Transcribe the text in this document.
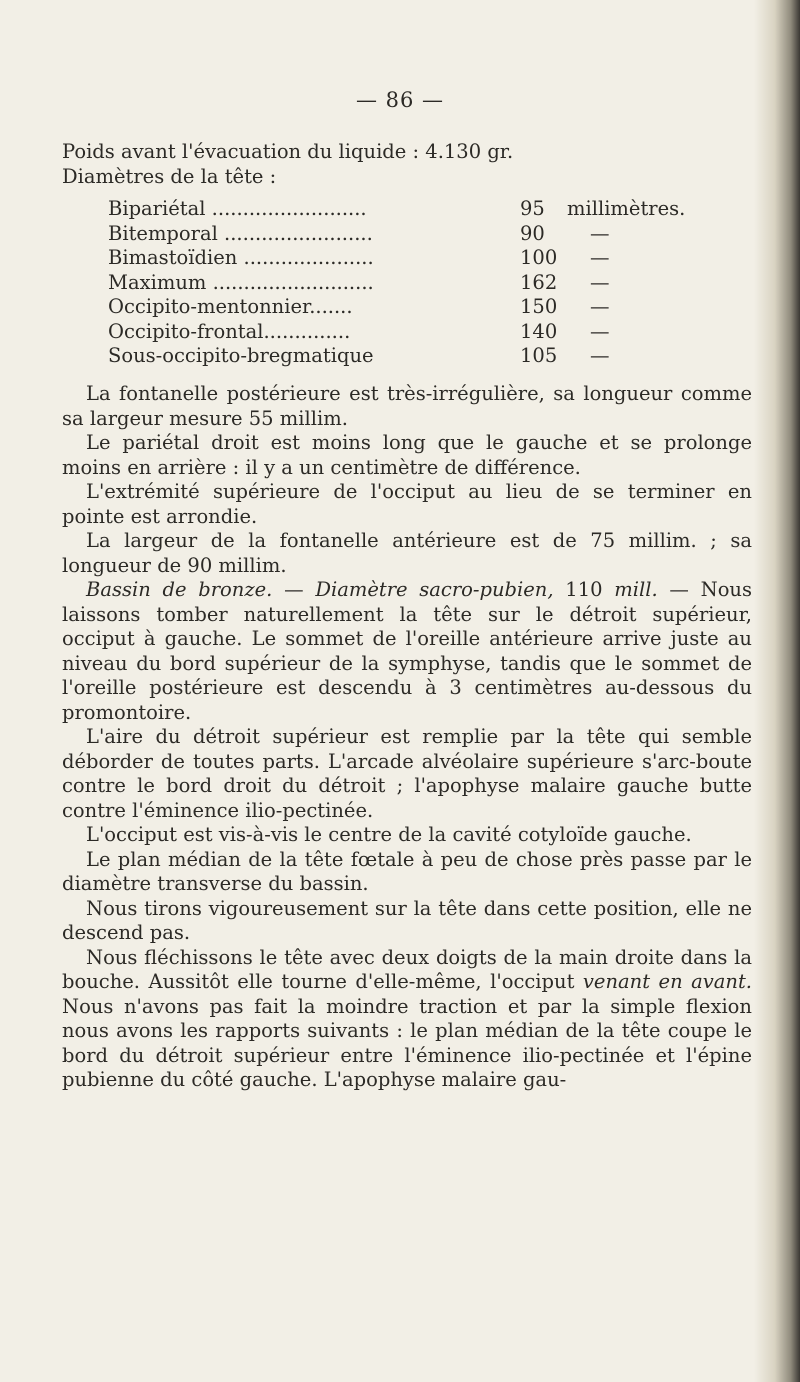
— 86 —
Poids avant l'évacuation du liquide : 4.130 gr.
Diamètres de la tête :
Bipariétal .........................	95 millimètres.
Bitemporal ........................	90 —
Bimastoïdien .....................	100 —
Maximum ..........................	162 —
Occipito-mentonnier.......	150 —
Occipito-frontal..............	140 —
Sous-occipito-bregmatique	105 —

La fontanelle postérieure est très-irrégulière, sa longueur comme sa largeur mesure 55 millim.

Le pariétal droit est moins long que le gauche et se prolonge moins en arrière : il y a un centimètre de différence.

L'extrémité supérieure de l'occiput au lieu de se terminer en pointe est arrondie.

La largeur de la fontanelle antérieure est de 75 millim. ; sa longueur de 90 millim.

Bassin de bronze. — Diamètre sacro-pubien, 110 mill. — Nous laissons tomber naturellement la tête sur le détroit supérieur, occiput à gauche. Le sommet de l'oreille antérieure arrive juste au niveau du bord supérieur de la symphyse, tandis que le sommet de l'oreille postérieure est descendu à 3 centimètres au-dessous du promontoire.

L'aire du détroit supérieur est remplie par la tête qui semble déborder de toutes parts. L'arcade alvéolaire supérieure s'arc-boute contre le bord droit du détroit ; l'apophyse malaire gauche butte contre l'éminence ilio-pectinée.

L'occiput est vis-à-vis le centre de la cavité cotyloïde gauche.

Le plan médian de la tête fœtale à peu de chose près passe par le diamètre transverse du bassin.

Nous tirons vigoureusement sur la tête dans cette position, elle ne descend pas.

Nous fléchissons le tête avec deux doigts de la main droite dans la bouche. Aussitôt elle tourne d'elle-même, l'occiput venant en avant. Nous n'avons pas fait la moindre traction et par la simple flexion nous avons les rapports suivants : le plan médian de la tête coupe le bord du détroit supérieur entre l'éminence ilio-pectinée et l'épine pubienne du côté gauche. L'apophyse malaire gau-
